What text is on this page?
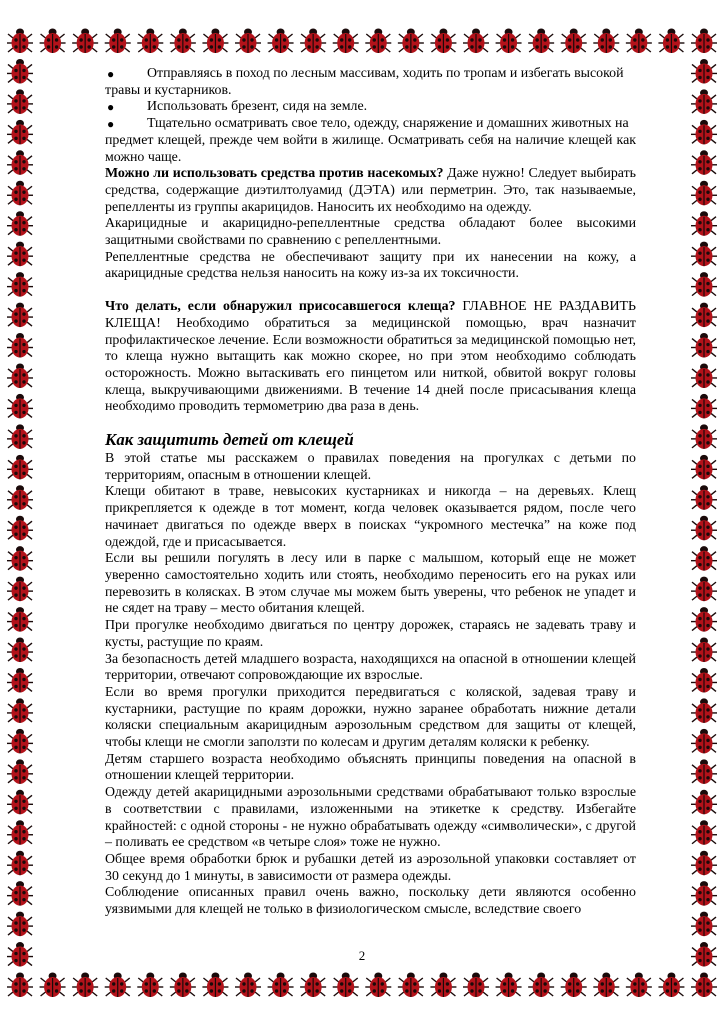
● Отправляясь в поход по лесным массивам, ходить по тропам и избегать высокой

травы и кустарников.

● Использовать брезент, сидя на земле.

● Тщательно осматривать свое тело, одежду, снаряжение и домашних животных на

предмет клещей, прежде чем войти в жилище. Осматривать себя на наличие клещей как можно чаще.

Можно ли использовать средства против насекомых? Даже нужно! Следует выбирать средства, содержащие диэтилтолуамид (ДЭТА) или перметрин. Это, так называемые, репелленты из группы акарицидов. Наносить их необходимо на одежду.

Акарицидные и акарицидно-репеллентные средства обладают более высокими защитными свойствами по сравнению с репеллентными.

Репеллентные средства не обеспечивают защиту при их нанесении на кожу, а акарицидные средства нельзя наносить на кожу из-за их токсичности.

Что делать, если обнаружил присосавшегося клеща? ГЛАВНОЕ НЕ РАЗДАВИТЬ КЛЕЩА! Необходимо обратиться за медицинской помощью, врач назначит профилактическое лечение. Если возможности обратиться за медицинской помощью нет, то клеща нужно вытащить как можно скорее, но при этом необходимо соблюдать осторожность. Можно вытаскивать его пинцетом или ниткой, обвитой вокруг головы клеща, выкручивающими движениями. В течение 14 дней после присасывания клеща необходимо проводить термометрию два раза в день.

Как защитить детей от клещей

В этой статье мы расскажем о правилах поведения на прогулках с детьми по территориям, опасным в отношении клещей.

Клещи обитают в траве, невысоких кустарниках и никогда – на деревьях. Клещ прикрепляется к одежде в тот момент, когда человек оказывается рядом, после чего начинает двигаться по одежде вверх в поисках “укромного местечка” на коже под одеждой, где и присасывается.

Если вы решили погулять в лесу или в парке с малышом, который еще не может уверенно самостоятельно ходить или стоять, необходимо переносить его на руках или перевозить в колясках. В этом случае мы можем быть уверены, что ребенок не упадет и не сядет на траву – место обитания клещей.

При прогулке необходимо двигаться по центру дорожек, стараясь не задевать траву и кусты, растущие по краям.

За безопасность детей младшего возраста, находящихся на опасной в отношении клещей территории, отвечают сопровождающие их взрослые.

Если во время прогулки приходится передвигаться с коляской, задевая траву и кустарники, растущие по краям дорожки, нужно заранее обработать нижние детали коляски специальным акарицидным аэрозольным средством для защиты от клещей, чтобы клещи не смогли заползти по колесам и другим деталям коляски к ребенку.

Детям старшего возраста необходимо объяснять принципы поведения на опасной в отношении клещей территории.

Одежду детей акарицидными аэрозольными средствами обрабатывают только взрослые в соответствии с правилами, изложенными на этикетке к средству. Избегайте крайностей: с одной стороны - не нужно обрабатывать одежду «символически», с другой – поливать ее средством «в четыре слоя» тоже не нужно.

Общее время обработки брюк и рубашки детей из аэрозольной упаковки составляет от 30 секунд до 1 минуты, в зависимости от размера одежды.

Соблюдение описанных правил очень важно, поскольку дети являются особенно уязвимыми для клещей не только в физиологическом смысле, вследствие своего

2
